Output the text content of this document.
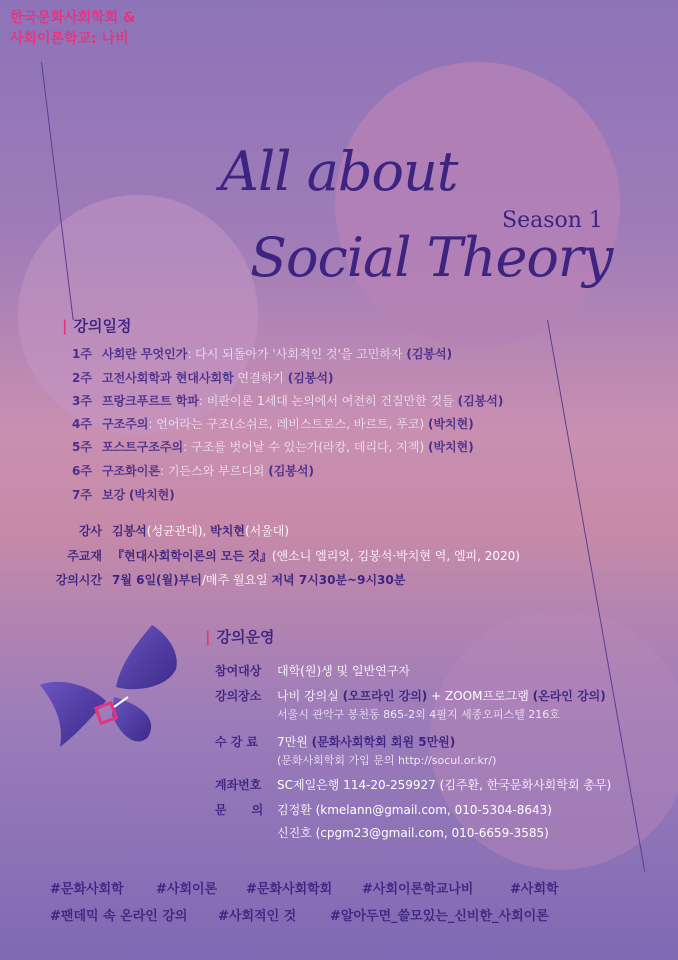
한국문화사회학회 &
사회이론학교: 나비
All about
Season 1
Social Theory
| 강의일정
1주 사회란 무엇인가: 다시 되돌아가 '사회적인 것'을 고민하자 (김봉석)
2주 고전사회학과 현대사회학 연결하기 (김봉석)
3주 프랑크푸르트 학파: 비판이론 1세대 논의에서 여전히 건질만한 것들 (김봉석)
4주 구조주의: 언어라는 구조(소쉬르, 레비스트로스, 바르트, 푸코) (박치현)
5주 포스트구조주의: 구조를 벗어날 수 있는가(라캉, 데리다, 지젝) (박치현)
6주 구조화이론: 기든스와 부르디외 (김봉석)
7주 보강 (박치현)
강사 김봉석(성균관대), 박치현(서울대)
주교재 『현대사회학이론의 모든 것』(앤소니 엘리엇, 김봉석·박치현 역, 엘피, 2020)
강의시간 7월 6일(월)부터/매주 월요일 저녁 7시30분~9시30분
| 강의운영
참여대상 대학(원)생 및 일반연구자
강의장소 나비 강의실 (오프라인 강의) + ZOOM프로그램 (온라인 강의)
서울시 관악구 봉천동 865-2외 4필지 세종오피스텔 216호
수 강 료 7만원 (문화사회학회 회원 5만원)
(문화사회학회 가입 문의 http://socul.or.kr/)
계좌번호 SC제일은행 114-20-259927 (김주환, 한국문화사회학회 총무)
문      의 김정환 (kmelann@gmail.com, 010-5304-8643)
신진호 (cpgm23@gmail.com, 010-6659-3585)
#문화사회학 #사회이론 #문화사회학회 #사회이론학교나비	#사회학
#팬데믹 속 온라인 강의 #사회적인 것	#알아두면_쓸모있는_신비한_사회이론
